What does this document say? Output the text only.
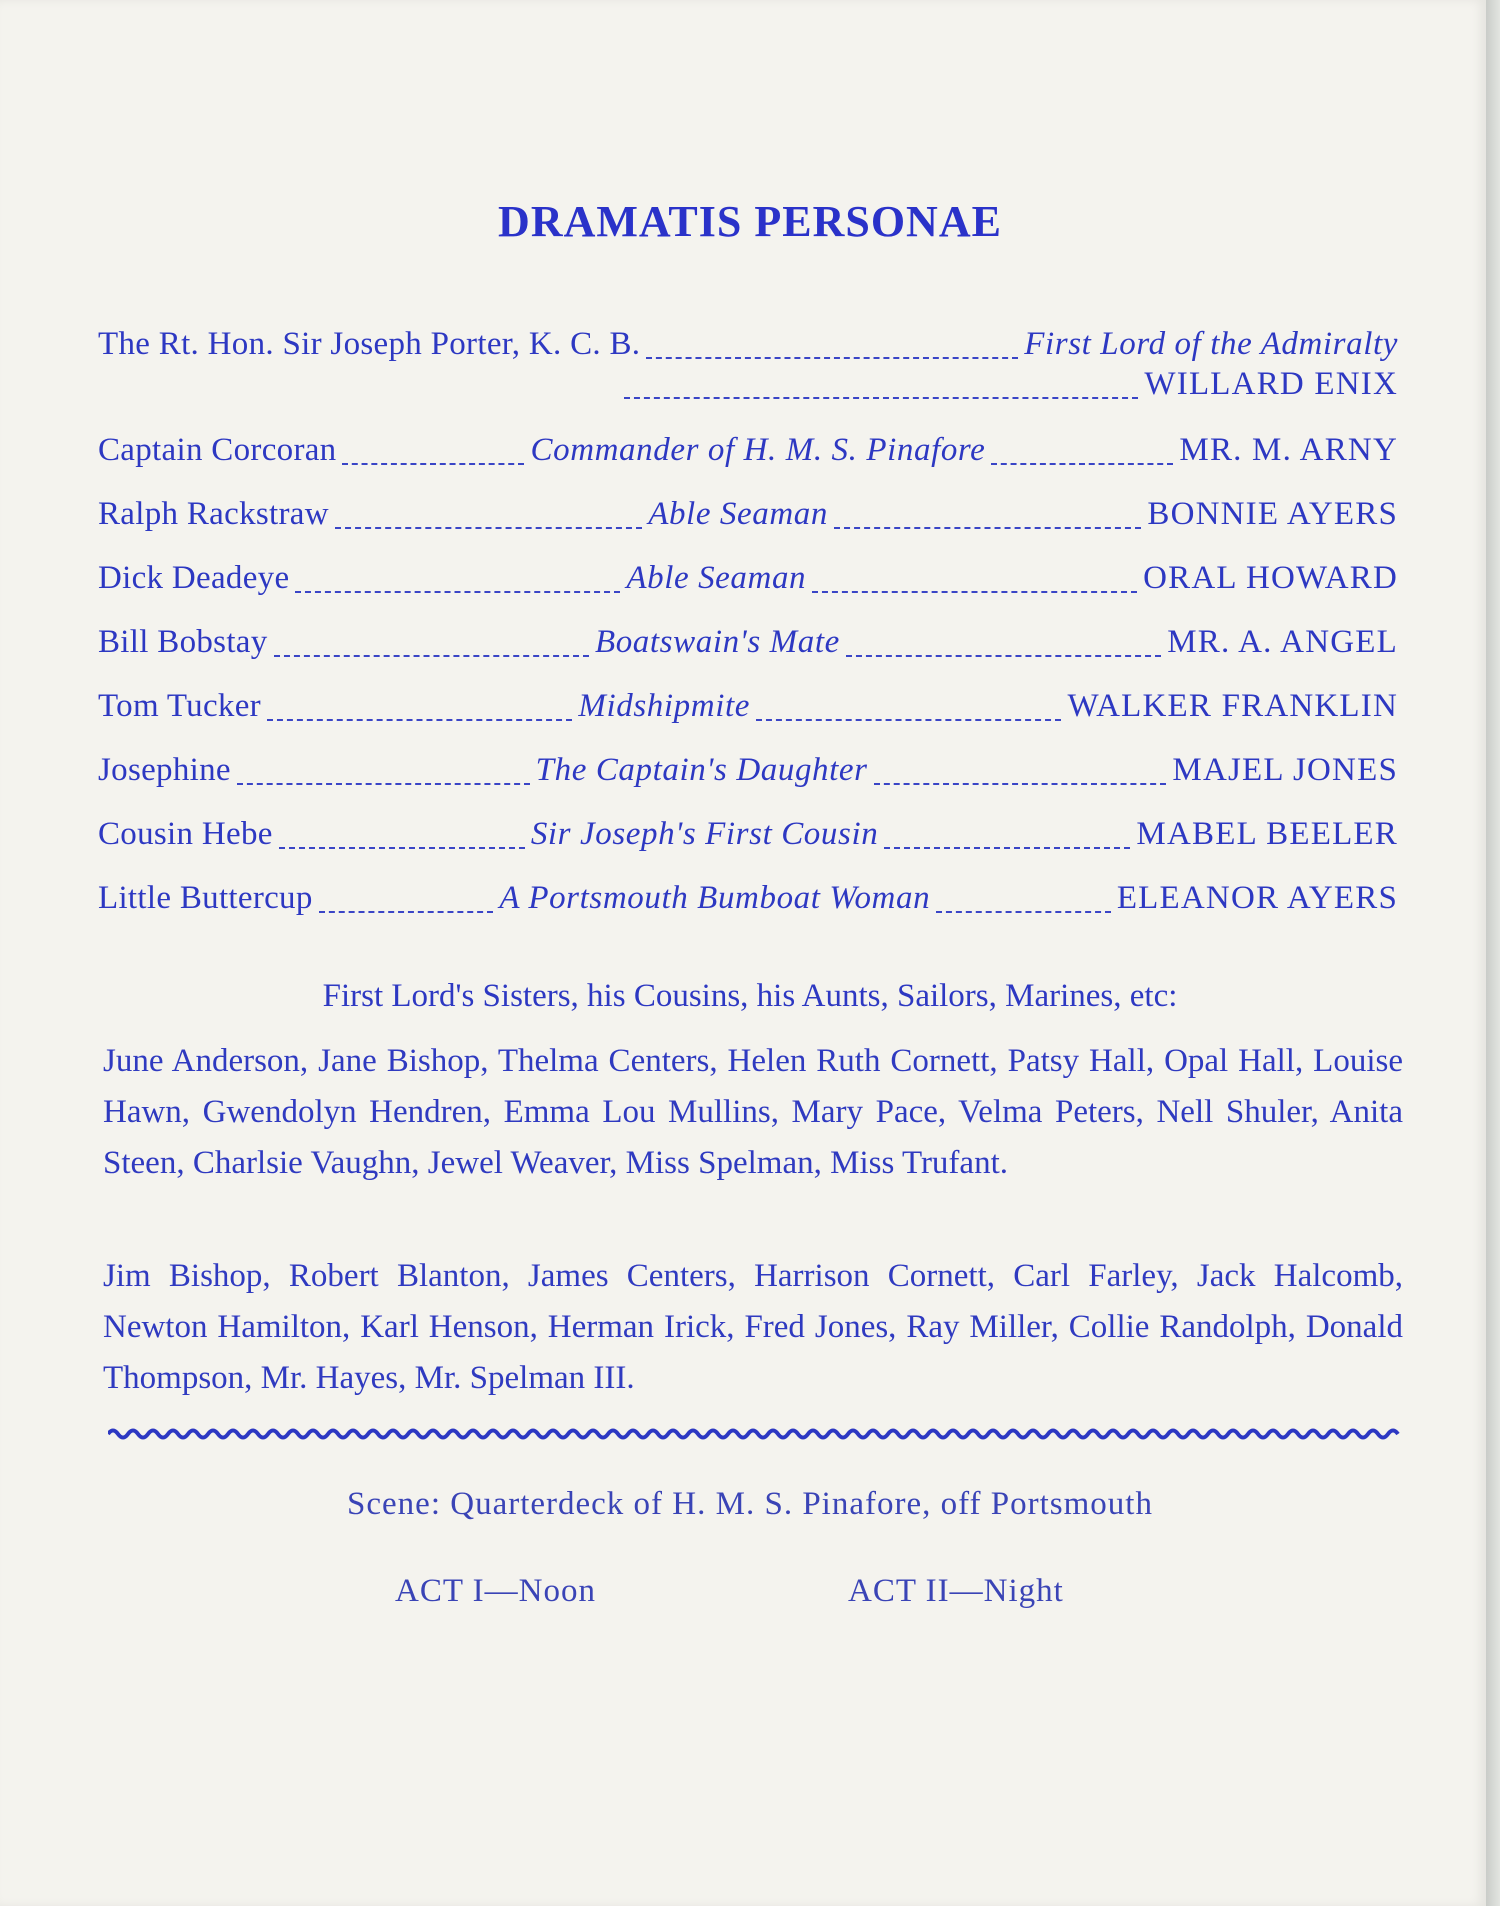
DRAMATIS PERSONAE
The Rt. Hon. Sir Joseph Porter, K. C. B.	First Lord of the Admiralty
WILLARD ENIX
Captain Corcoran	Commander of H. M. S. Pinafore	MR. M. ARNY
Ralph Rackstraw	Able Seaman	BONNIE AYERS
Dick Deadeye	Able Seaman	ORAL HOWARD
Bill Bobstay	Boatswain's Mate	MR. A. ANGEL
Tom Tucker	Midshipmite	WALKER FRANKLIN
Josephine	The Captain's Daughter	MAJEL JONES
Cousin Hebe	Sir Joseph's First Cousin	MABEL BEELER
Little Buttercup	A Portsmouth Bumboat Woman	ELEANOR AYERS
First Lord's Sisters, his Cousins, his Aunts, Sailors, Marines, etc:
June Anderson, Jane Bishop, Thelma Centers, Helen Ruth Cornett, Patsy Hall, Opal Hall, Louise Hawn, Gwendolyn Hendren, Emma Lou Mullins, Mary Pace, Velma Peters, Nell Shuler, Anita Steen, Charlsie Vaughn, Jewel Weaver, Miss Spelman, Miss Trufant.
Jim Bishop, Robert Blanton, James Centers, Harrison Cornett, Carl Farley, Jack Halcomb, Newton Hamilton, Karl Henson, Herman Irick, Fred Jones, Ray Miller, Collie Randolph, Donald Thompson, Mr. Hayes, Mr. Spelman III.
Scene: Quarterdeck of H. M. S. Pinafore, off Portsmouth
ACT I—Noon	ACT II—Night
